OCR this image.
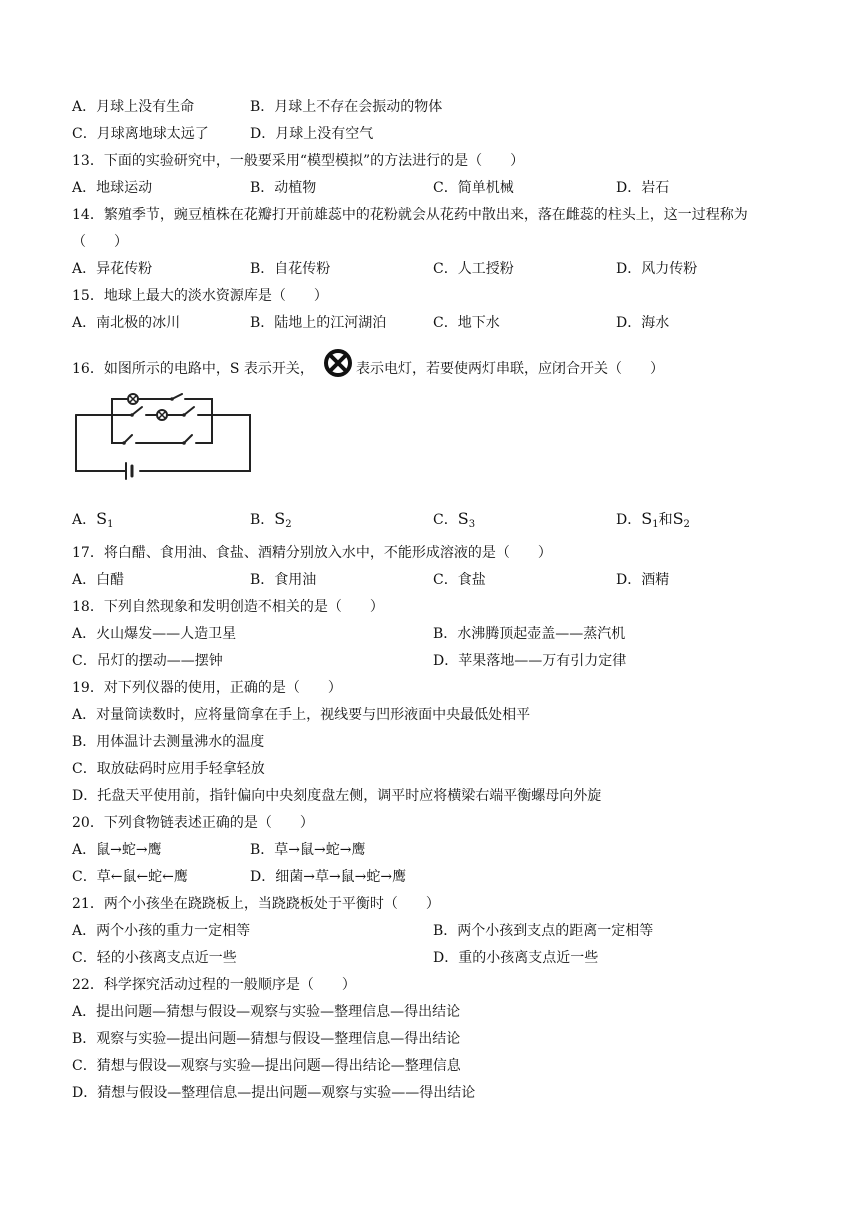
A．月球上没有生命	B．月球上不存在会振动的物体
C．月球离地球太远了	D．月球上没有空气
13．下面的实验研究中，一般要采用“模型模拟”的方法进行的是（　　）
A．地球运动	B．动植物	C．简单机械	D．岩石
14．繁殖季节，豌豆植株在花瓣打开前雄蕊中的花粉就会从花药中散出来，落在雌蕊的柱头上，这一过程称为
（　　）
A．异花传粉	B．自花传粉	C．人工授粉	D．风力传粉
15．地球上最大的淡水资源库是（　　）
A．南北极的冰川	B．陆地上的江河湖泊	C．地下水	D．海水
16．如图所示的电路中，S 表示开关，	表示电灯，若要使两灯串联，应闭合开关（　　）
A．$S_1$	B．$S_2$	C．$S_3$	D．$S_1$和$S_2$
17．将白醋、食用油、食盐、酒精分别放入水中，不能形成溶液的是（　　）
A．白醋	B．食用油	C．食盐	D．酒精
18．下列自然现象和发明创造不相关的是（　　）
A．火山爆发——人造卫星	B．水沸腾顶起壶盖——蒸汽机
C．吊灯的摆动——摆钟	D．苹果落地——万有引力定律
19．对下列仪器的使用，正确的是（　　）
A．对量筒读数时，应将量筒拿在手上，视线要与凹形液面中央最低处相平
B．用体温计去测量沸水的温度
C．取放砝码时应用手轻拿轻放
D．托盘天平使用前，指针偏向中央刻度盘左侧，调平时应将横梁右端平衡螺母向外旋
20．下列食物链表述正确的是（　　）
A．鼠→蛇→鹰	B．草→鼠→蛇→鹰
C．草←鼠←蛇←鹰	D．细菌→草→鼠→蛇→鹰
21．两个小孩坐在跷跷板上，当跷跷板处于平衡时（　　）
A．两个小孩的重力一定相等	B．两个小孩到支点的距离一定相等
C．轻的小孩离支点近一些	D．重的小孩离支点近一些
22．科学探究活动过程的一般顺序是（　　）
A．提出问题—猜想与假设—观察与实验—整理信息—得出结论
B．观察与实验—提出问题—猜想与假设—整理信息—得出结论
C．猜想与假设—观察与实验—提出问题—得出结论—整理信息
D．猜想与假设—整理信息—提出问题—观察与实验——得出结论
